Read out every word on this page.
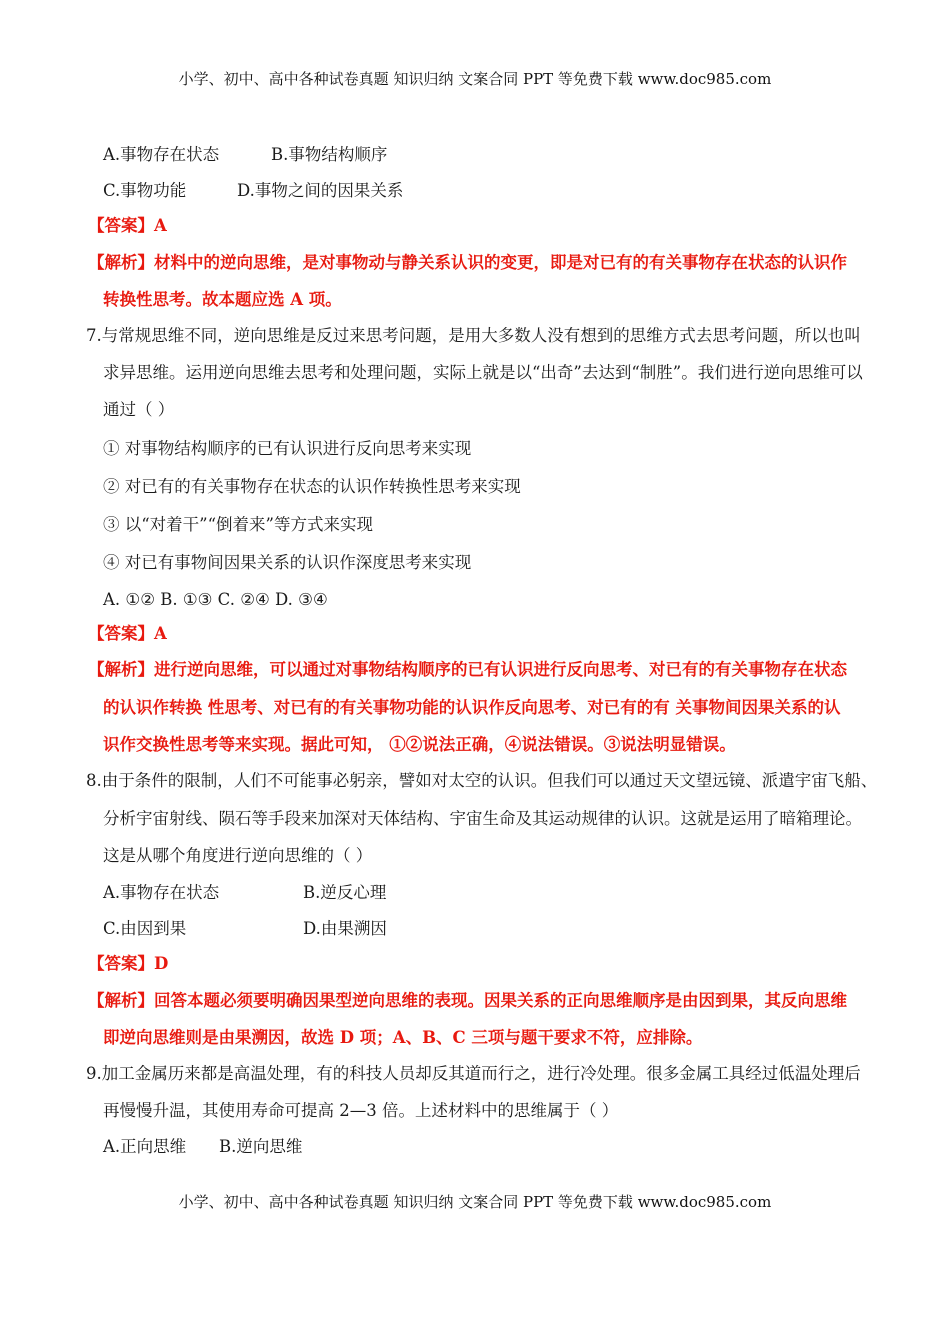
小学、初中、高中各种试卷真题 知识归纳 文案合同 PPT 等免费下载 www.doc985.com
A.事物存在状态	B.事物结构顺序
C.事物功能	D.事物之间的因果关系
【答案】A
【解析】材料中的逆向思维，是对事物动与静关系认识的变更，即是对已有的有关事物存在状态的认识作
转换性思考。故本题应选 A 项。
7.与常规思维不同，逆向思维是反过来思考问题，是用大多数人没有想到的思维方式去思考问题，所以也叫
求异思维。运用逆向思维去思考和处理问题，实际上就是以“出奇”去达到“制胜”。我们进行逆向思维可以
通过（ ）
① 对事物结构顺序的已有认识进行反向思考来实现
② 对已有的有关事物存在状态的认识作转换性思考来实现
③ 以“对着干”“倒着来”等方式来实现
④ 对已有事物间因果关系的认识作深度思考来实现
A. ①② B. ①③ C. ②④ D. ③④
【答案】A
【解析】进行逆向思维，可以通过对事物结构顺序的已有认识进行反向思考、对已有的有关事物存在状态
的认识作转换 性思考、对已有的有关事物功能的认识作反向思考、对已有的有 关事物间因果关系的认
识作交换性思考等来实现。据此可知， ①②说法正确，④说法错误。③说法明显错误。
8.由于条件的限制，人们不可能事必躬亲，譬如对太空的认识。但我们可以通过天文望远镜、派遣宇宙飞船、
分析宇宙射线、陨石等手段来加深对天体结构、宇宙生命及其运动规律的认识。这就是运用了暗箱理论。
这是从哪个角度进行逆向思维的（ ）
A.事物存在状态	B.逆反心理
C.由因到果	D.由果溯因
【答案】D
【解析】回答本题必须要明确因果型逆向思维的表现。因果关系的正向思维顺序是由因到果，其反向思维
即逆向思维则是由果溯因，故选 D 项；A、B、C 三项与题干要求不符，应排除。
9.加工金属历来都是高温处理，有的科技人员却反其道而行之，进行冷处理。很多金属工具经过低温处理后
再慢慢升温，其使用寿命可提高 2—3 倍。上述材料中的思维属于（ ）
A.正向思维 B.逆向思维
小学、初中、高中各种试卷真题 知识归纳 文案合同 PPT 等免费下载 www.doc985.com
